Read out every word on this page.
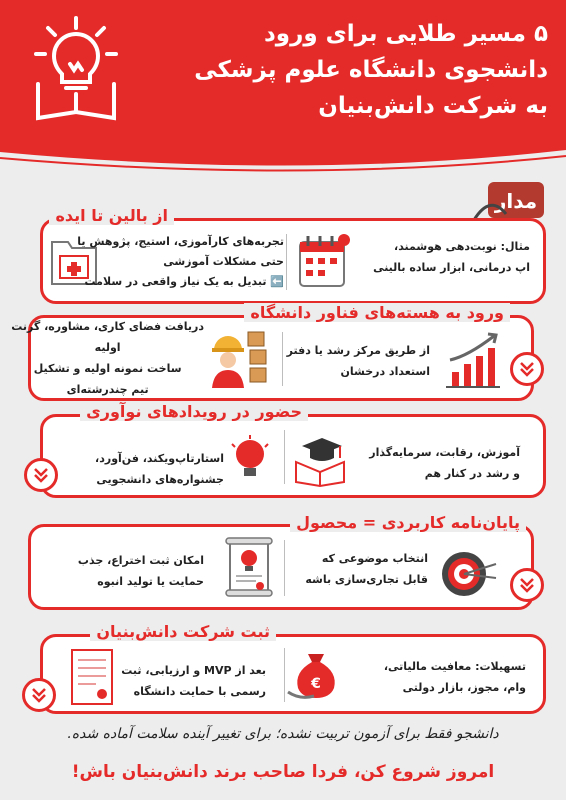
۵ مسیر طلایی برای ورود
دانشجوی دانشگاه علوم پزشکی
به شرکت دانش‌بنیان
مدار
از بالین تا ایده
مثال: نوبت‌دهی هوشمند،
اپ درمانی، ابزار ساده بالینی
تجربه‌های کارآموزی، استیج، پژوهش یا
حتی مشکلات آموزشی
⬅️ تبدیل به یک نیاز واقعی در سلامت
ورود به هسته‌های فناور دانشگاه
از طریق مرکز رشد یا دفتر
استعداد درخشان
دریافت فضای کاری، مشاوره، گرنت
اولیه
ساخت نمونه اولیه و تشکیل
تیم چندرشته‌ای
حضور در رویدادهای نوآوری
آموزش، رقابت، سرمایه‌گذار
و رشد در کنار هم
استارتاپ‌ویکند، فن‌آورد،
جشنواره‌های دانشجویی
پایان‌نامه کاربردی = محصول
انتخاب موضوعی که
قابل تجاری‌سازی باشه
امکان ثبت اختراع، جذب
حمایت یا تولید انبوه
ثبت شرکت دانش‌بنیان
€
تسهیلات: معافیت مالیاتی،
وام، مجوز، بازار دولتی
بعد از MVP و ارزیابی، ثبت
رسمی با حمایت دانشگاه
دانشجو فقط برای آزمون تربیت نشده؛ برای تغییر آینده سلامت آماده شده.
امروز شروع کن، فردا صاحب برند دانش‌بنیان باش!
